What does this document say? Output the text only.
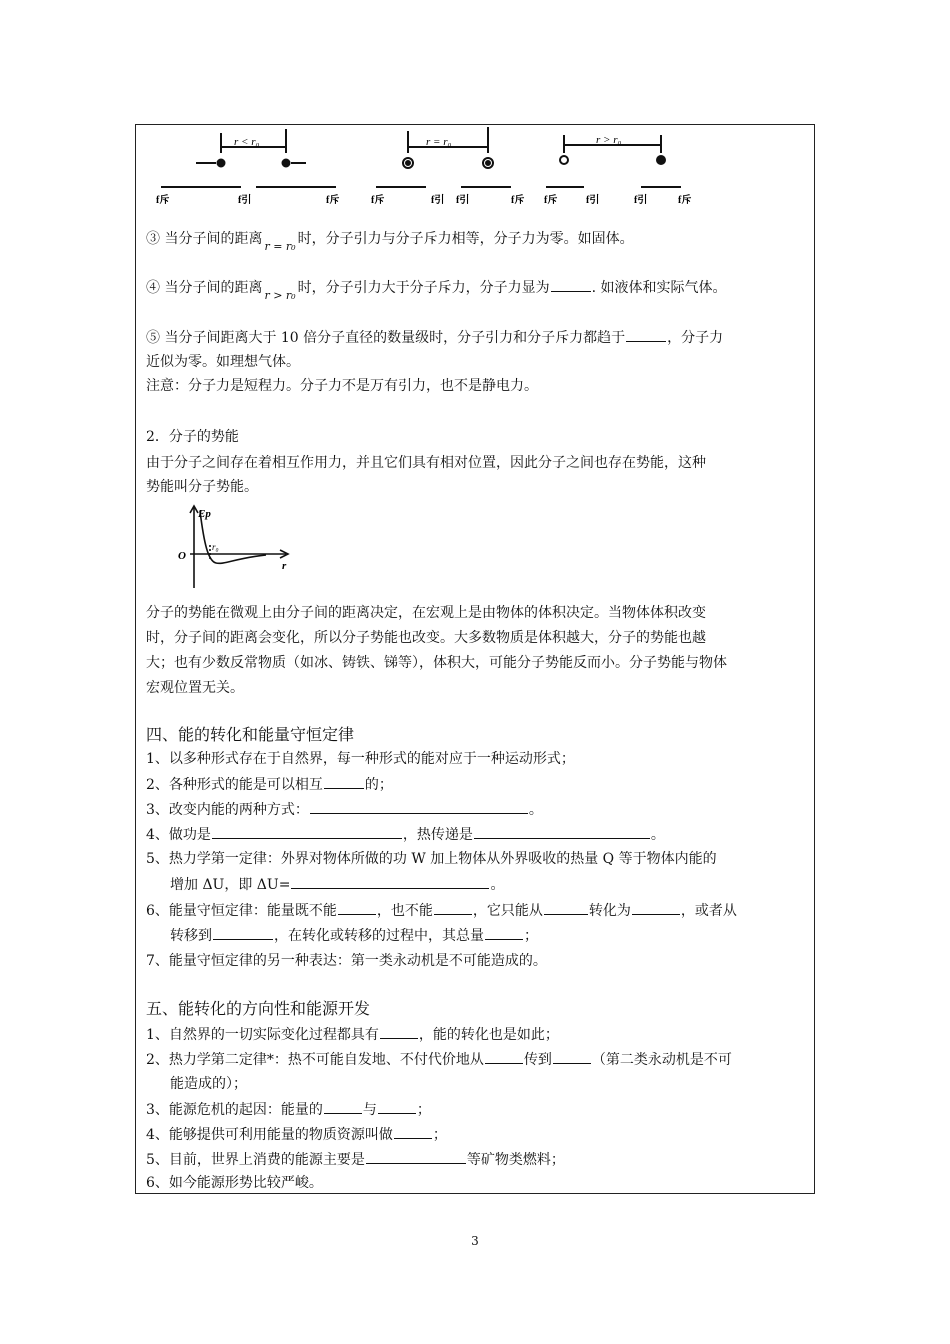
r < r₀	r = r₀	r > r₀
f斥	f引	f斥	f斥	f引 f引	f斥 f斥	f引	f引	f斥
③ 当分子间的距离 r = r₀ 时，分子引力与分子斥力相等，分子力为零。如固体。
④ 当分子间的距离 r > r₀ 时，分子引力大于分子斥力，分子力显为	. 如液体和实际气体。
⑤ 当分子间距离大于 10 倍分子直径的数量级时，分子引力和分子斥力都趋于	，分子力
近似为零。如理想气体。
注意：分子力是短程力。分子力不是万有引力，也不是静电力。
2．分子的势能
由于分子之间存在着相互作用力，并且它们具有相对位置，因此分子之间也存在势能，这种
势能叫分子势能。
Ep
O
r₀
r
分子的势能在微观上由分子间的距离决定，在宏观上是由物体的体积决定。当物体体积改变
时，分子间的距离会变化，所以分子势能也改变。大多数物质是体积越大，分子的势能也越
大；也有少数反常物质（如冰、铸铁、锑等），体积大，可能分子势能反而小。分子势能与物体
宏观位置无关。
四、能的转化和能量守恒定律
1、以多种形式存在于自然界，每一种形式的能对应于一种运动形式；
2、各种形式的能是可以相互	的；
3、改变内能的两种方式：	。
4、做功是	，热传递是	。
5、热力学第一定律：外界对物体所做的功 W 加上物体从外界吸收的热量 Q 等于物体内能的
增加 ΔU，即 ΔU=	。
6、能量守恒定律：能量既不能	，也不能	，它只能从	转化为	，或者从
转移到	，在转化或转移的过程中，其总量	；
7、能量守恒定律的另一种表达：第一类永动机是不可能造成的。
五、能转化的方向性和能源开发
1、自然界的一切实际变化过程都具有	，能的转化也是如此；
2、热力学第二定律*：热不可能自发地、不付代价地从	传到	（第二类永动机是不可
能造成的）；
3、能源危机的起因：能量的	与	；
4、能够提供可利用能量的物质资源叫做	；
5、目前，世界上消费的能源主要是	等矿物类燃料；
6、如今能源形势比较严峻。
3
